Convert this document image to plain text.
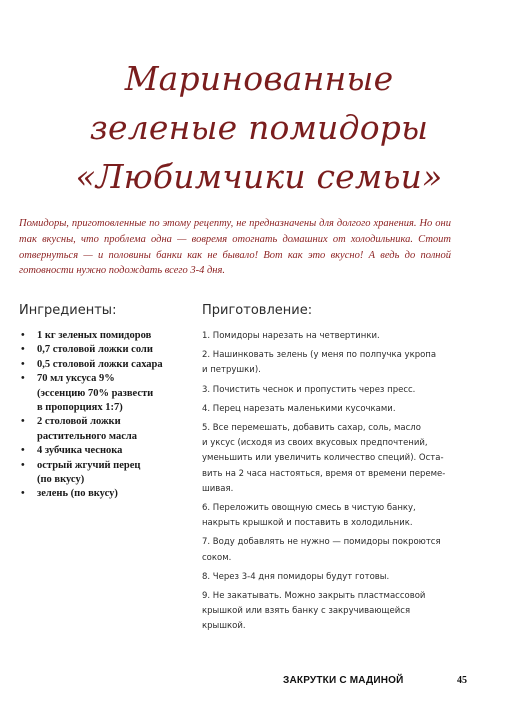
Маринованные
зеленые помидоры
«Любимчики семьи»
Помидоры, приготовленные по этому рецепту, не предназначены для долгого хранения. Но они так вкусны, что проблема одна — вовремя отогнать домашних от холодильника. Стоит отвернуться — и половины банки как не бывало! Вот как это вкусно! А ведь до полной готовности нужно подождать всего 3-4 дня.
Ингредиенты:
• 1 кг зеленых помидоров
• 0,7 столовой ложки соли
• 0,5 столовой ложки сахара
• 70 мл уксуса 9%
(эссенцию 70% развести
в пропорциях 1:7)
• 2 столовой ложки
растительного масла
• 4 зубчика чеснока
• острый жгучий перец
(по вкусу)
• зелень (по вкусу)
Приготовление:
1. Помидоры нарезать на четвертинки.
2. Нашинковать зелень (у меня по полпучка укропа
и петрушки).
3. Почистить чеснок и пропустить через пресс.
4. Перец нарезать маленькими кусочками.
5. Все перемешать, добавить сахар, соль, масло
и уксус (исходя из своих вкусовых предпочтений,
уменьшить или увеличить количество специй). Оста-
вить на 2 часа настояться, время от времени переме-
шивая.
6. Переложить овощную смесь в чистую банку,
накрыть крышкой и поставить в холодильник.
7. Воду добавлять не нужно — помидоры покроются
соком.
8. Через 3-4 дня помидоры будут готовы.
9. Не закатывать. Можно закрыть пластмассовой
крышкой или взять банку с закручивающейся
крышкой.
ЗАКРУТКИ С МАДИНОЙ	45
